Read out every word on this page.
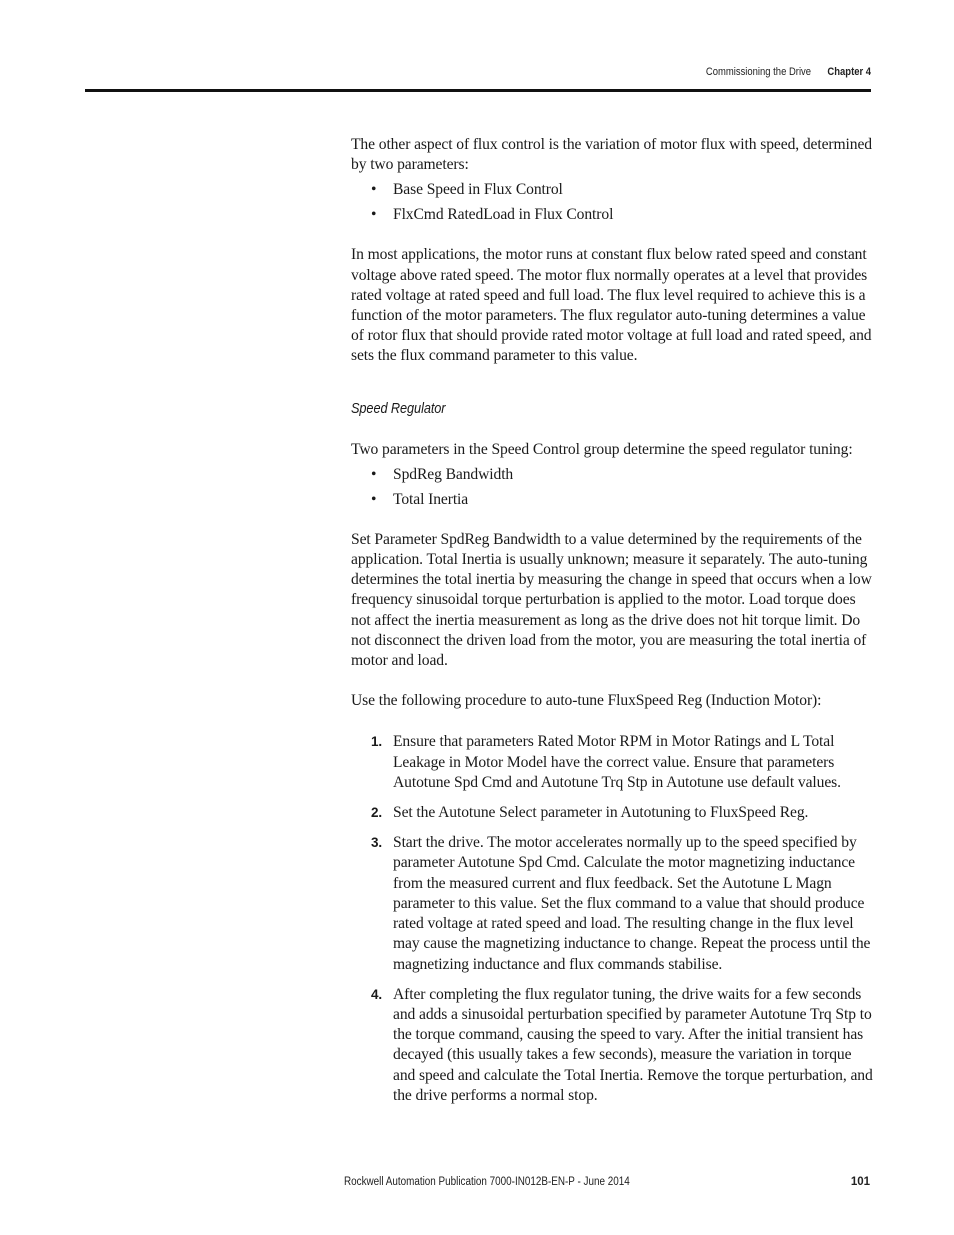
Commissioning the Drive Chapter 4

The other aspect of flux control is the variation of motor flux with speed, determined by two parameters:

• Base Speed in Flux Control
• FlxCmd RatedLoad in Flux Control

In most applications, the motor runs at constant flux below rated speed and constant voltage above rated speed. The motor flux normally operates at a level that provides rated voltage at rated speed and full load. The flux level required to achieve this is a function of the motor parameters. The flux regulator auto-tuning determines a value of rotor flux that should provide rated motor voltage at full load and rated speed, and sets the flux command parameter to this value.

Speed Regulator

Two parameters in the Speed Control group determine the speed regulator tuning:

• SpdReg Bandwidth
• Total Inertia

Set Parameter SpdReg Bandwidth to a value determined by the requirements of the application. Total Inertia is usually unknown; measure it separately. The auto-tuning determines the total inertia by measuring the change in speed that occurs when a low frequency sinusoidal torque perturbation is applied to the motor. Load torque does not affect the inertia measurement as long as the drive does not hit torque limit. Do not disconnect the driven load from the motor, you are measuring the total inertia of motor and load.

Use the following procedure to auto-tune FluxSpeed Reg (Induction Motor):

1. Ensure that parameters Rated Motor RPM in Motor Ratings and L Total Leakage in Motor Model have the correct value. Ensure that parameters Autotune Spd Cmd and Autotune Trq Stp in Autotune use default values.
2. Set the Autotune Select parameter in Autotuning to FluxSpeed Reg.
3. Start the drive. The motor accelerates normally up to the speed specified by parameter Autotune Spd Cmd. Calculate the motor magnetizing inductance from the measured current and flux feedback. Set the Autotune L Magn parameter to this value. Set the flux command to a value that should produce rated voltage at rated speed and load. The resulting change in the flux level may cause the magnetizing inductance to change. Repeat the process until the magnetizing inductance and flux commands stabilise.
4. After completing the flux regulator tuning, the drive waits for a few seconds and adds a sinusoidal perturbation specified by parameter Autotune Trq Stp to the torque command, causing the speed to vary. After the initial transient has decayed (this usually takes a few seconds), measure the variation in torque and speed and calculate the Total Inertia. Remove the torque perturbation, and the drive performs a normal stop.
Rockwell Automation Publication 7000-IN012B-EN-P - June 2014	101
